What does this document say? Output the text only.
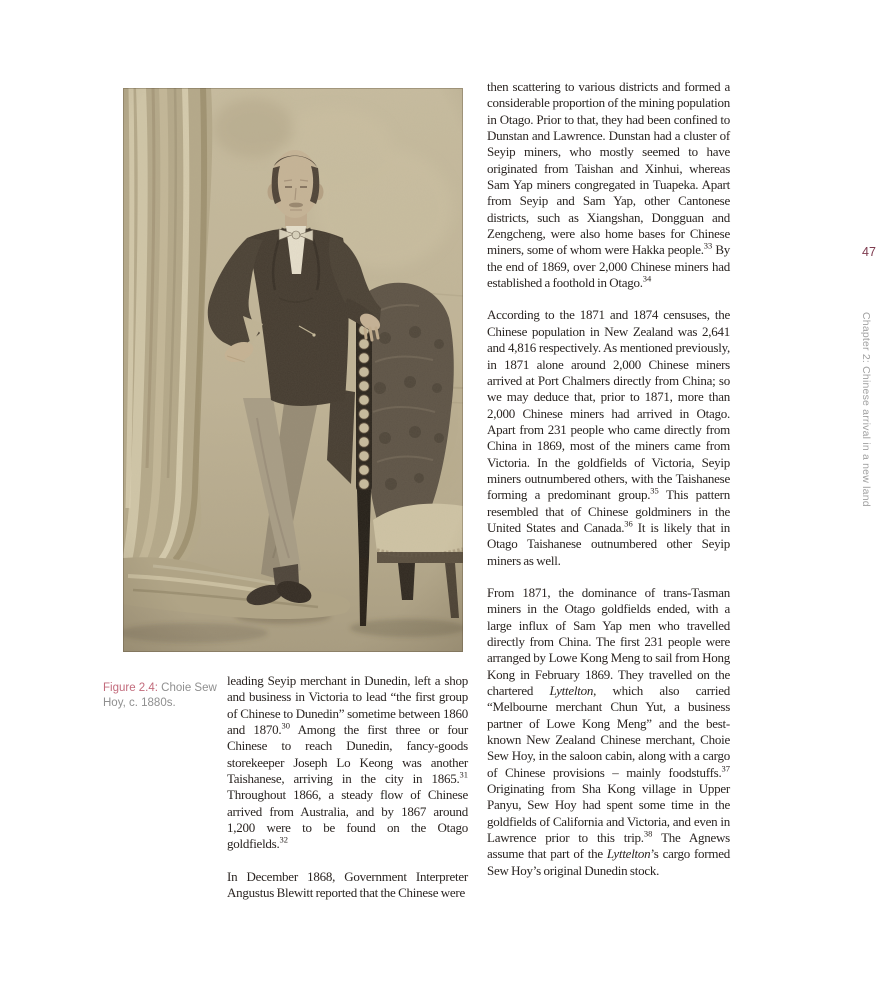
Figure 2.4: Choie Sew Hoy, c. 1880s.

leading Seyip merchant in Dunedin, left a shop and business in Victoria to lead “the first group of Chinese to Dunedin” sometime between 1860 and 1870.30 Among the first three or four Chinese to reach Dunedin, fancy-goods storekeeper Joseph Lo Keong was another Taishanese, arriving in the city in 1865.31 Throughout 1866, a steady flow of Chinese arrived from Australia, and by 1867 around 1,200 were to be found on the Otago goldfields.$^{32}$

In December 1868, Government Interpreter Angustus Blewitt reported that the Chinese were

then scattering to various districts and formed a considerable proportion of the mining population in Otago. Prior to that, they had been confined to Dunstan and Lawrence. Dunstan had a cluster of Seyip miners, who mostly seemed to have originated from Taishan and Xinhui, whereas Sam Yap miners congregated in Tuapeka. Apart from Seyip and Sam Yap, other Cantonese districts, such as Xiangshan, Dongguan and Zengcheng, were also home bases for Chinese miners, some of whom were Hakka people.$^{33}$ By the end of 1869, over 2,000 Chinese miners had established a foothold in Otago.$^{34}$

According to the 1871 and 1874 censuses, the Chinese population in New Zealand was 2,641 and 4,816 respectively. As mentioned previously, in 1871 alone around 2,000 Chinese miners arrived at Port Chalmers directly from China; so we may deduce that, prior to 1871, more than 2,000 Chinese miners had arrived in Otago. Apart from 231 people who came directly from China in 1869, most of the miners came from Victoria. In the goldfields of Victoria, Seyip miners outnumbered others, with the Taishanese forming a predominant group.$^{35}$ This pattern resembled that of Chinese goldminers in the United States and Canada.$^{36}$ It is likely that in Otago Taishanese outnumbered other Seyip miners as well.

From 1871, the dominance of trans-Tasman miners in the Otago goldfields ended, with a large influx of Sam Yap men who travelled directly from China. The first 231 people were arranged by Lowe Kong Meng to sail from Hong Kong in February 1869. They travelled on the chartered Lyttelton, which also carried “Melbourne merchant Chun Yut, a business partner of Lowe Kong Meng” and the best-known New Zealand Chinese merchant, Choie Sew Hoy, in the saloon cabin, along with a cargo of Chinese provisions – mainly foodstuffs.$^{37}$ Originating from Sha Kong village in Upper Panyu, Sew Hoy had spent some time in the goldfields of California and Victoria, and even in Lawrence prior to this trip.$^{38}$ The Agnews assume that part of the Lyttelton’s cargo formed Sew Hoy’s original Dunedin stock.

47
Chapter 2: Chinese arrival in a new land
